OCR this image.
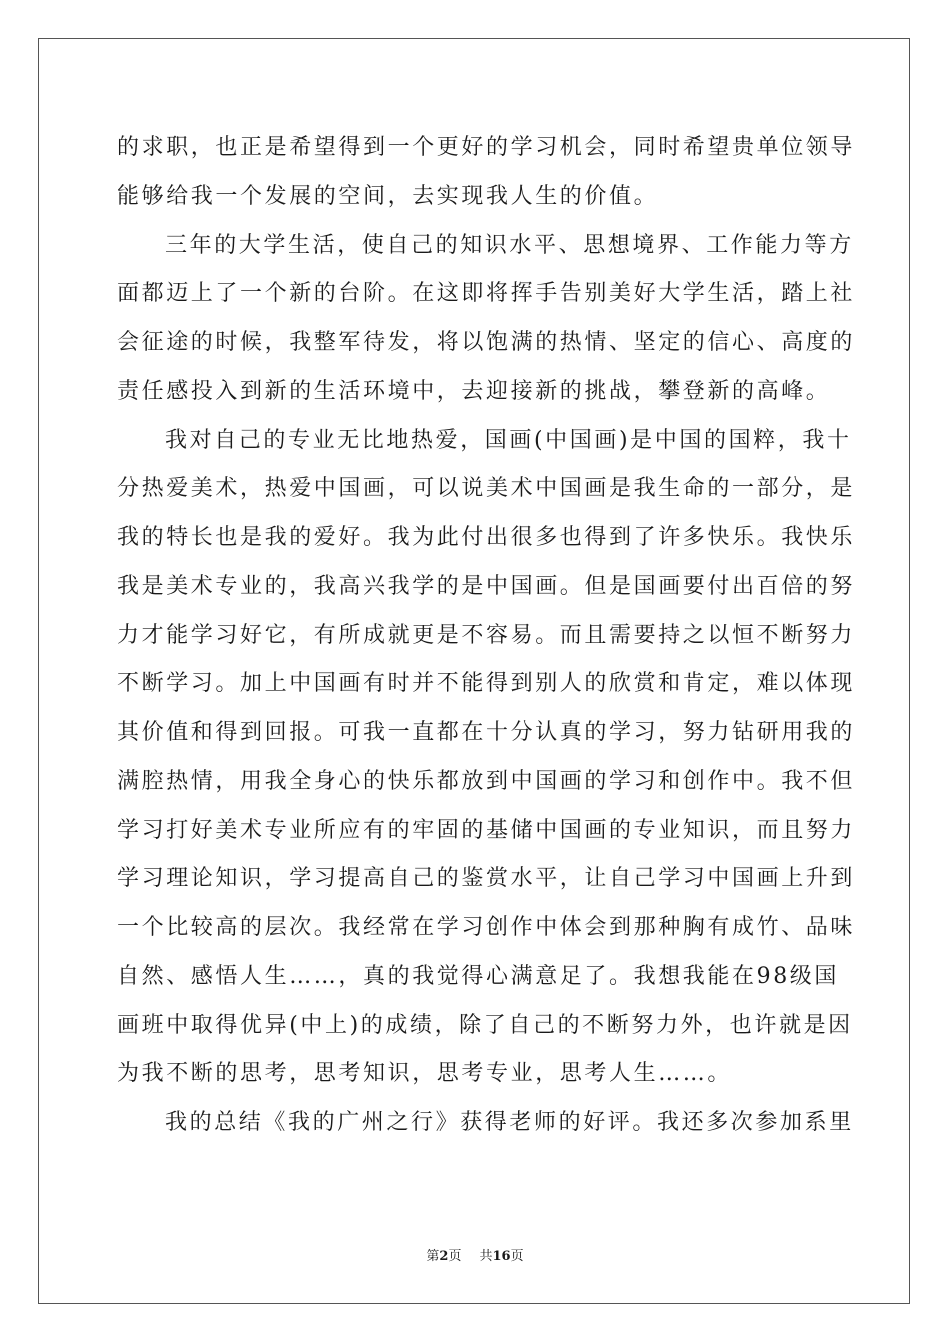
的求职，也正是希望得到一个更好的学习机会，同时希望贵单位领导
能够给我一个发展的空间，去实现我人生的价值。
三年的大学生活，使自己的知识水平、思想境界、工作能力等方
面都迈上了一个新的台阶。在这即将挥手告别美好大学生活，踏上社
会征途的时候，我整军待发，将以饱满的热情、坚定的信心、高度的
责任感投入到新的生活环境中，去迎接新的挑战，攀登新的高峰。
我对自己的专业无比地热爱，国画(中国画)是中国的国粹，我十
分热爱美术，热爱中国画，可以说美术中国画是我生命的一部分，是
我的特长也是我的爱好。我为此付出很多也得到了许多快乐。我快乐
我是美术专业的，我高兴我学的是中国画。但是国画要付出百倍的努
力才能学习好它，有所成就更是不容易。而且需要持之以恒不断努力
不断学习。加上中国画有时并不能得到别人的欣赏和肯定，难以体现
其价值和得到回报。可我一直都在十分认真的学习，努力钻研用我的
满腔热情，用我全身心的快乐都放到中国画的学习和创作中。我不但
学习打好美术专业所应有的牢固的基储中国画的专业知识，而且努力
学习理论知识，学习提高自己的鉴赏水平，让自己学习中国画上升到
一个比较高的层次。我经常在学习创作中体会到那种胸有成竹、品味
自然、感悟人生……，真的我觉得心满意足了。我想我能在98级国
画班中取得优异(中上)的成绩，除了自己的不断努力外，也许就是因
为我不断的思考，思考知识，思考专业，思考人生……。
我的总结《我的广州之行》获得老师的好评。我还多次参加系里
第2页 共16页
